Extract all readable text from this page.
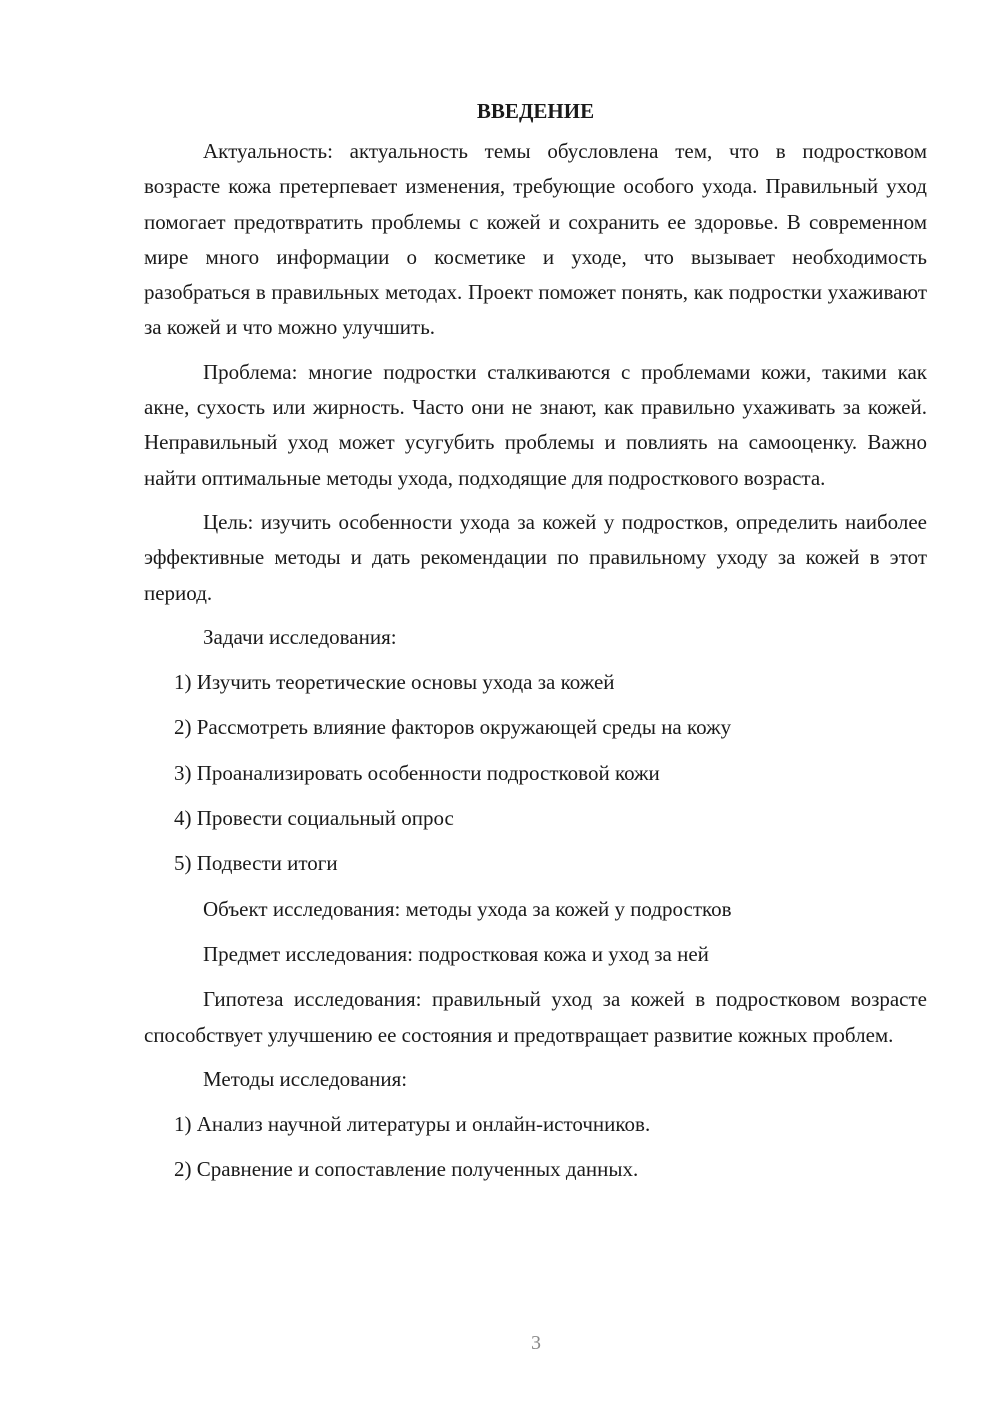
ВВЕДЕНИЕ

Актуальность: актуальность темы обусловлена тем, что в подростковом возрасте кожа претерпевает изменения, требующие особого ухода. Правильный уход помогает предотвратить проблемы с кожей и сохранить ее здоровье. В современном мире много информации о косметике и уходе, что вызывает необходимость разобраться в правильных методах. Проект поможет понять, как подростки ухаживают за кожей и что можно улучшить.

Проблема: многие подростки сталкиваются с проблемами кожи, такими как акне, сухость или жирность. Часто они не знают, как правильно ухаживать за кожей. Неправильный уход может усугубить проблемы и повлиять на самооценку. Важно найти оптимальные методы ухода, подходящие для подросткового возраста.

Цель: изучить особенности ухода за кожей у подростков, определить наиболее эффективные методы и дать рекомендации по правильному уходу за кожей в этот период.

Задачи исследования:
1) Изучить теоретические основы ухода за кожей
2) Рассмотреть влияние факторов окружающей среды на кожу
3) Проанализировать особенности подростковой кожи
4) Провести социальный опрос
5) Подвести итоги
Объект исследования: методы ухода за кожей у подростков
Предмет исследования: подростковая кожа и уход за ней

Гипотеза исследования: правильный уход за кожей в подростковом возрасте способствует улучшению ее состояния и предотвращает развитие кожных проблем.

Методы исследования:
1) Анализ научной литературы и онлайн-источников.
2) Сравнение и сопоставление полученных данных.
3
